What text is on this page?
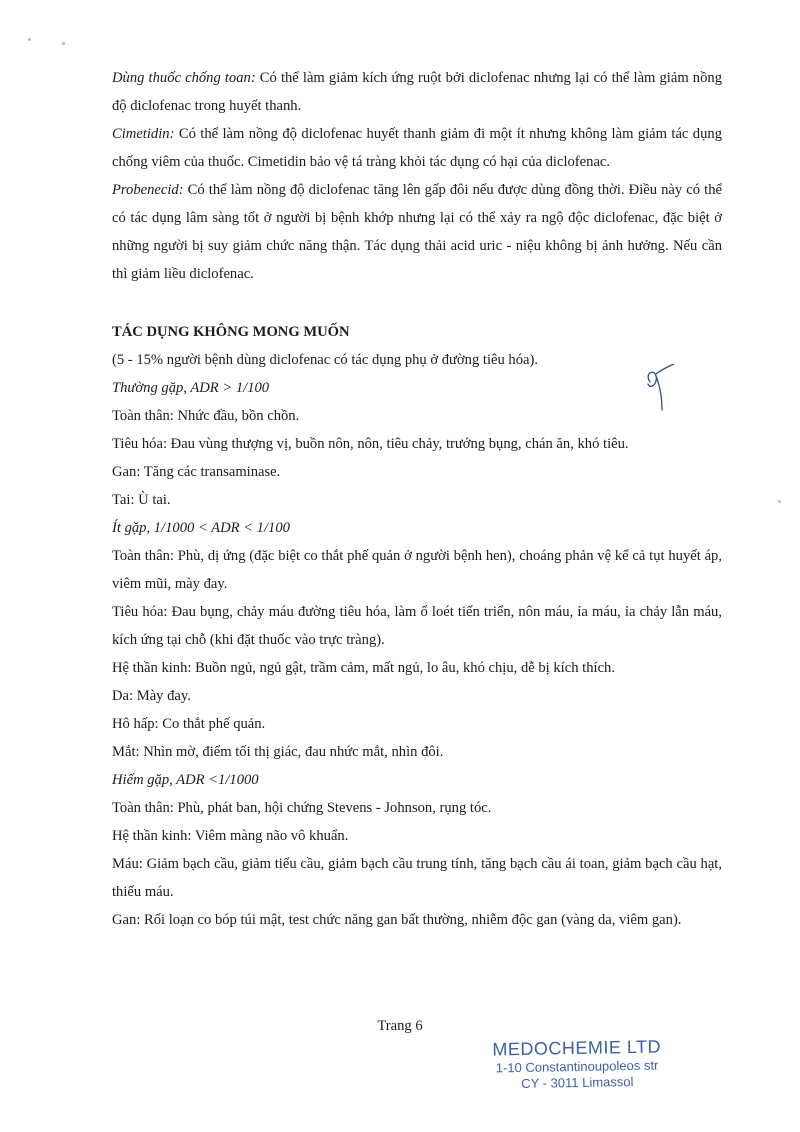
Dùng thuốc chống toan: Có thể làm giảm kích ứng ruột bởi diclofenac nhưng lại có thể làm giảm nồng độ diclofenac trong huyết thanh.

Cimetidin: Có thể làm nồng độ diclofenac huyết thanh giảm đi một ít nhưng không làm giảm tác dụng chống viêm của thuốc. Cimetidin bảo vệ tá tràng khỏi tác dụng có hại của diclofenac.

Probenecid: Có thể làm nồng độ diclofenac tăng lên gấp đôi nếu được dùng đồng thời. Điều này có thể có tác dụng lâm sàng tốt ở người bị bệnh khớp nhưng lại có thể xảy ra ngộ độc diclofenac, đặc biệt ở những người bị suy giảm chức năng thận. Tác dụng thải acid uric - niệu không bị ảnh hưởng. Nếu cần thì giảm liều diclofenac.

TÁC DỤNG KHÔNG MONG MUỐN

(5 - 15% người bệnh dùng diclofenac có tác dụng phụ ở đường tiêu hóa).

Thường gặp, ADR > 1/100

Toàn thân: Nhức đầu, bồn chồn.

Tiêu hóa: Đau vùng thượng vị, buồn nôn, nôn, tiêu chảy, trướng bụng, chán ăn, khó tiêu.

Gan: Tăng các transaminase.

Tai: Ù tai.

Ít gặp, 1/1000 < ADR < 1/100

Toàn thân: Phù, dị ứng (đặc biệt co thắt phế quản ở người bệnh hen), choáng phản vệ kể cả tụt huyết áp, viêm mũi, mày đay.

Tiêu hóa: Đau bụng, chảy máu đường tiêu hóa, làm ổ loét tiến triển, nôn máu, ỉa máu, ỉa chảy lẫn máu, kích ứng tại chỗ (khi đặt thuốc vào trực tràng).

Hệ thần kinh: Buồn ngủ, ngủ gật, trầm cảm, mất ngủ, lo âu, khó chịu, dễ bị kích thích.

Da: Mày đay.

Hô hấp: Co thắt phế quản.

Mắt: Nhìn mờ, điểm tối thị giác, đau nhức mắt, nhìn đôi.

Hiếm gặp, ADR <1/1000

Toàn thân: Phù, phát ban, hội chứng Stevens - Johnson, rụng tóc.

Hệ thần kinh: Viêm màng não vô khuẩn.

Máu: Giảm bạch cầu, giảm tiểu cầu, giảm bạch cầu trung tính, tăng bạch cầu ái toan, giảm bạch cầu hạt, thiếu máu.

Gan: Rối loạn co bóp túi mật, test chức năng gan bất thường, nhiễm độc gan (vàng da, viêm gan).

Trang 6
MEDOCHEMIE LTD
1-10 Constantinoupoleos str
CY - 3011 Limassol
